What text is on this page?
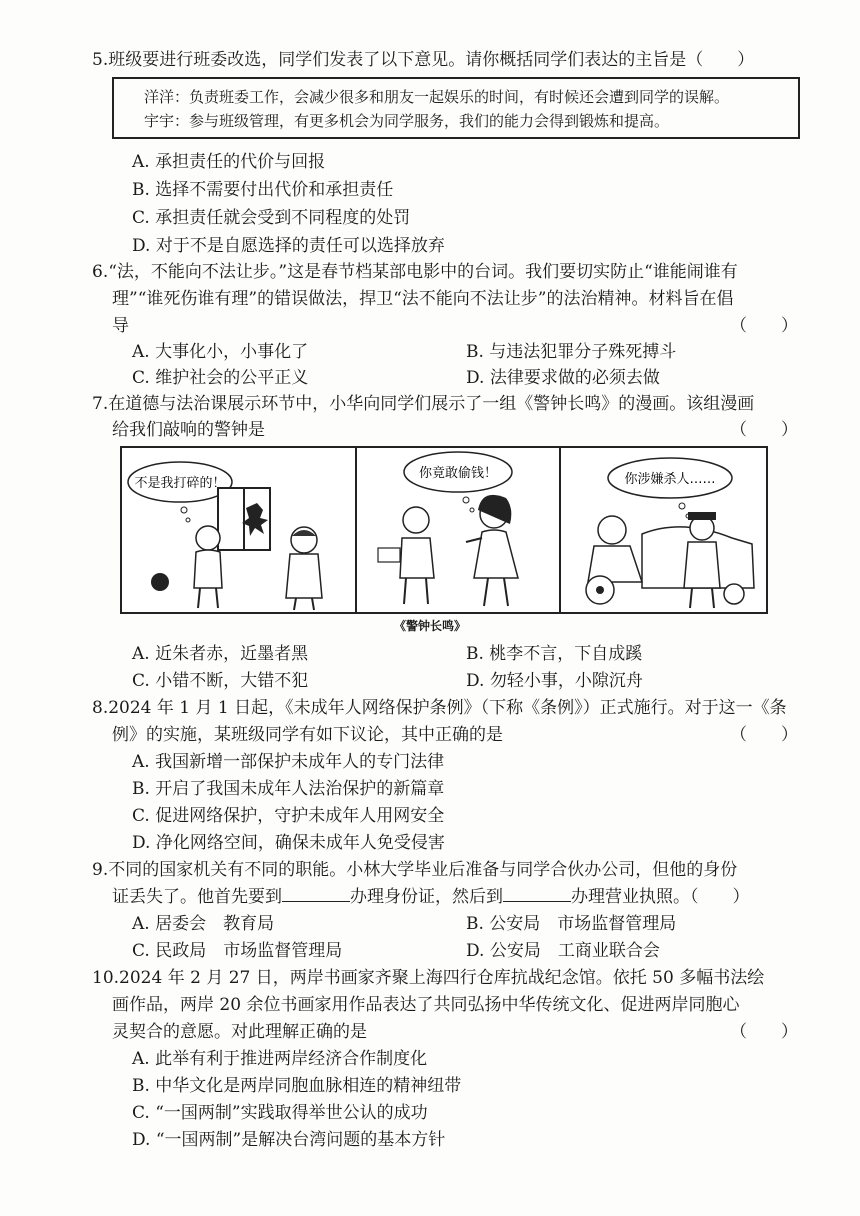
5.班级要进行班委改选，同学们发表了以下意见。请你概括同学们表达的主旨是（　　）
洋洋：负责班委工作，会减少很多和朋友一起娱乐的时间，有时候还会遭到同学的误解。
宇宇：参与班级管理，有更多机会为同学服务，我们的能力会得到锻炼和提高。
A. 承担责任的代价与回报
B. 选择不需要付出代价和承担责任
C. 承担责任就会受到不同程度的处罚
D. 对于不是自愿选择的责任可以选择放弃
6.“法，不能向不法让步。”这是春节档某部电影中的台词。我们要切实防止“谁能闹谁有
理”“谁死伤谁有理”的错误做法，捍卫“法不能向不法让步”的法治精神。材料旨在倡
导	（　　）
A. 大事化小，小事化了	B. 与违法犯罪分子殊死搏斗
C. 维护社会的公平正义	D. 法律要求做的必须去做
7.在道德与法治课展示环节中，小华向同学们展示了一组《警钟长鸣》的漫画。该组漫画
给我们敲响的警钟是	（　　）
不是我打碎的！
你竟敢偷钱！	你涉嫌杀人……
《警钟长鸣》
A. 近朱者赤，近墨者黑	B. 桃李不言，下自成蹊
C. 小错不断，大错不犯	D. 勿轻小事，小隙沉舟
8.2024 年 1 月 1 日起，《未成年人网络保护条例》（下称《条例》）正式施行。对于这一《条
例》的实施，某班级同学有如下议论，其中正确的是	（　　）
A. 我国新增一部保护未成年人的专门法律
B. 开启了我国未成年人法治保护的新篇章
C. 促进网络保护，守护未成年人用网安全
D. 净化网络空间，确保未成年人免受侵害
9.不同的国家机关有不同的职能。小林大学毕业后准备与同学合伙办公司，但他的身份
证丢失了。他首先要到	办理身份证，然后到	办理营业执照。（　　）
A. 居委会　教育局	B. 公安局　市场监督管理局
C. 民政局　市场监督管理局	D. 公安局　工商业联合会
10.2024 年 2 月 27 日，两岸书画家齐聚上海四行仓库抗战纪念馆。依托 50 多幅书法绘
画作品，两岸 20 余位书画家用作品表达了共同弘扬中华传统文化、促进两岸同胞心
灵契合的意愿。对此理解正确的是	（　　）
A. 此举有利于推进两岸经济合作制度化
B. 中华文化是两岸同胞血脉相连的精神纽带
C. “一国两制”实践取得举世公认的成功
D. “一国两制”是解决台湾问题的基本方针
